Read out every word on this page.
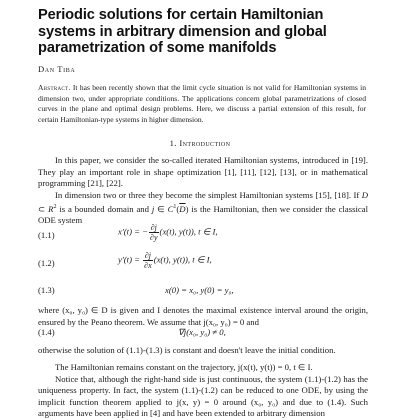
Periodic solutions for certain Hamiltonian systems in arbitrary dimension and global parametrization of some manifolds
Dan Tiba
Abstract. It has been recently shown that the limit cycle situation is not valid for Hamiltonian systems in dimension two, under appropriate conditions. The applications concern global parametrizations of closed curves in the plane and optimal design problems. Here, we discuss a partial extension of this result, for certain Hamiltonian-type systems in higher dimension.
1. Introduction
In this paper, we consider the so-called iterated Hamiltonian systems, introduced in [19]. They play an important role in shape optimization [1], [11], [12], [13], or in mathematical programming [21], [22].
In dimension two or three they become the simplest Hamiltonian systems [15], [18]. If D ⊂ $R^2$ is a bounded domain and j ∈ $C^1(\overline{D})$ is the Hamiltonian, then we consider the classical ODE system
(1.1)	x′(t) = − $\frac{\partial j}{\partial y} (x(t)$, y(t)), t ∈ I,
(1.2)	$y'(t) = \frac{\partial j}{\partial x} (x(t)$, y(t)), t ∈ I,
(1.3)	x(0) = x₀, y(0) = y₀,
where (x₀, y₀) ∈ D is given and I denotes the maximal existence interval around the origin, ensured by the Peano theorem. We assume that j(x₀, y₀) = 0 and
(1.4)	∇j(x₀, y₀) ≠ 0,
otherwise the solution of (1.1)-(1.3) is constant and doesn't leave the initial condition.
The Hamiltonian remains constant on the trajectory, j(x(t), y(t)) = 0, t ∈ I.
Notice that, although the right-hand side is just continuous, the system (1.1)-(1.2) has the uniqueness property. In fact, the system (1.1)-(1.2) can be reduced to one ODE, by using the implicit function theorem applied to j(x, y) = 0 around (x₀, y₀) and due to (1.4). Such arguments have been applied in [4] and have been extended to arbitrary dimension
